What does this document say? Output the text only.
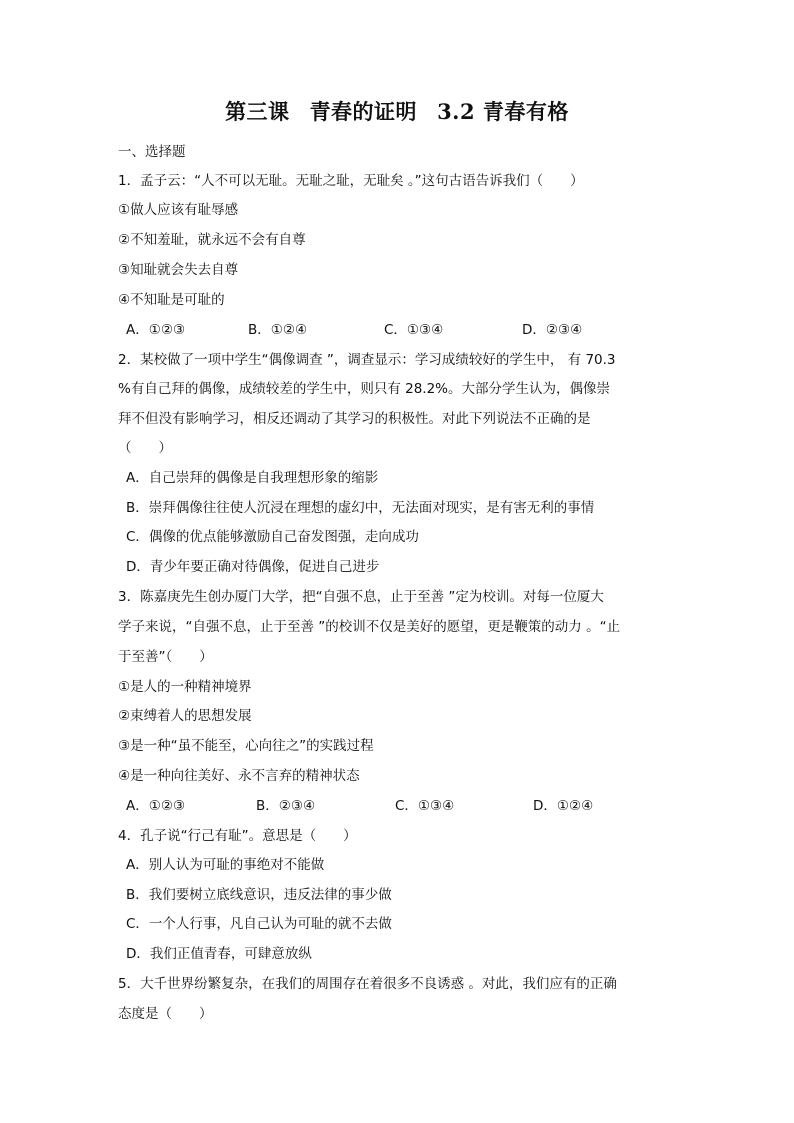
第三课 青春的证明 3.2 青春有格
一、选择题
1．孟子云：“人不可以无耻。无耻之耻，无耻矣 。”这句古语告诉我们（　　）
①做人应该有耻辱感
②不知羞耻，就永远不会有自尊
③知耻就会失去自尊
④不知耻是可耻的
A．①②③	B．①②④	C．①③④	D．②③④
2．某校做了一项中学生“偶像调查 ”，调查显示：学习成绩较好的学生中， 有 70.3
%有自己拜的偶像，成绩较差的学生中，则只有 28.2%。大部分学生认为，偶像崇
拜不但没有影响学习，相反还调动了其学习的积极性。对此下列说法不正确的是
（　　）
A．自己崇拜的偶像是自我理想形象的缩影
B．崇拜偶像往往使人沉浸在理想的虚幻中，无法面对现实，是有害无利的事情
C．偶像的优点能够激励自己奋发图强，走向成功
D．青少年要正确对待偶像，促进自己进步
3．陈嘉庚先生创办厦门大学，把“自强不息，止于至善 ”定为校训。对每一位厦大
学子来说，“自强不息，止于至善 ”的校训不仅是美好的愿望，更是鞭策的动力 。“止
于至善”（　　）
①是人的一种精神境界
②束缚着人的思想发展
③是一种“虽不能至，心向往之”的实践过程
④是一种向往美好、永不言弃的精神状态
A．①②③	B．②③④	C．①③④	D．①②④
4．孔子说“行己有耻”。意思是（　　）
A．别人认为可耻的事绝对不能做
B．我们要树立底线意识，违反法律的事少做
C．一个人行事，凡自己认为可耻的就不去做
D．我们正值青春，可肆意放纵
5．大千世界纷繁复杂，在我们的周围存在着很多不良诱惑 。对此，我们应有的正确
态度是（　　）
